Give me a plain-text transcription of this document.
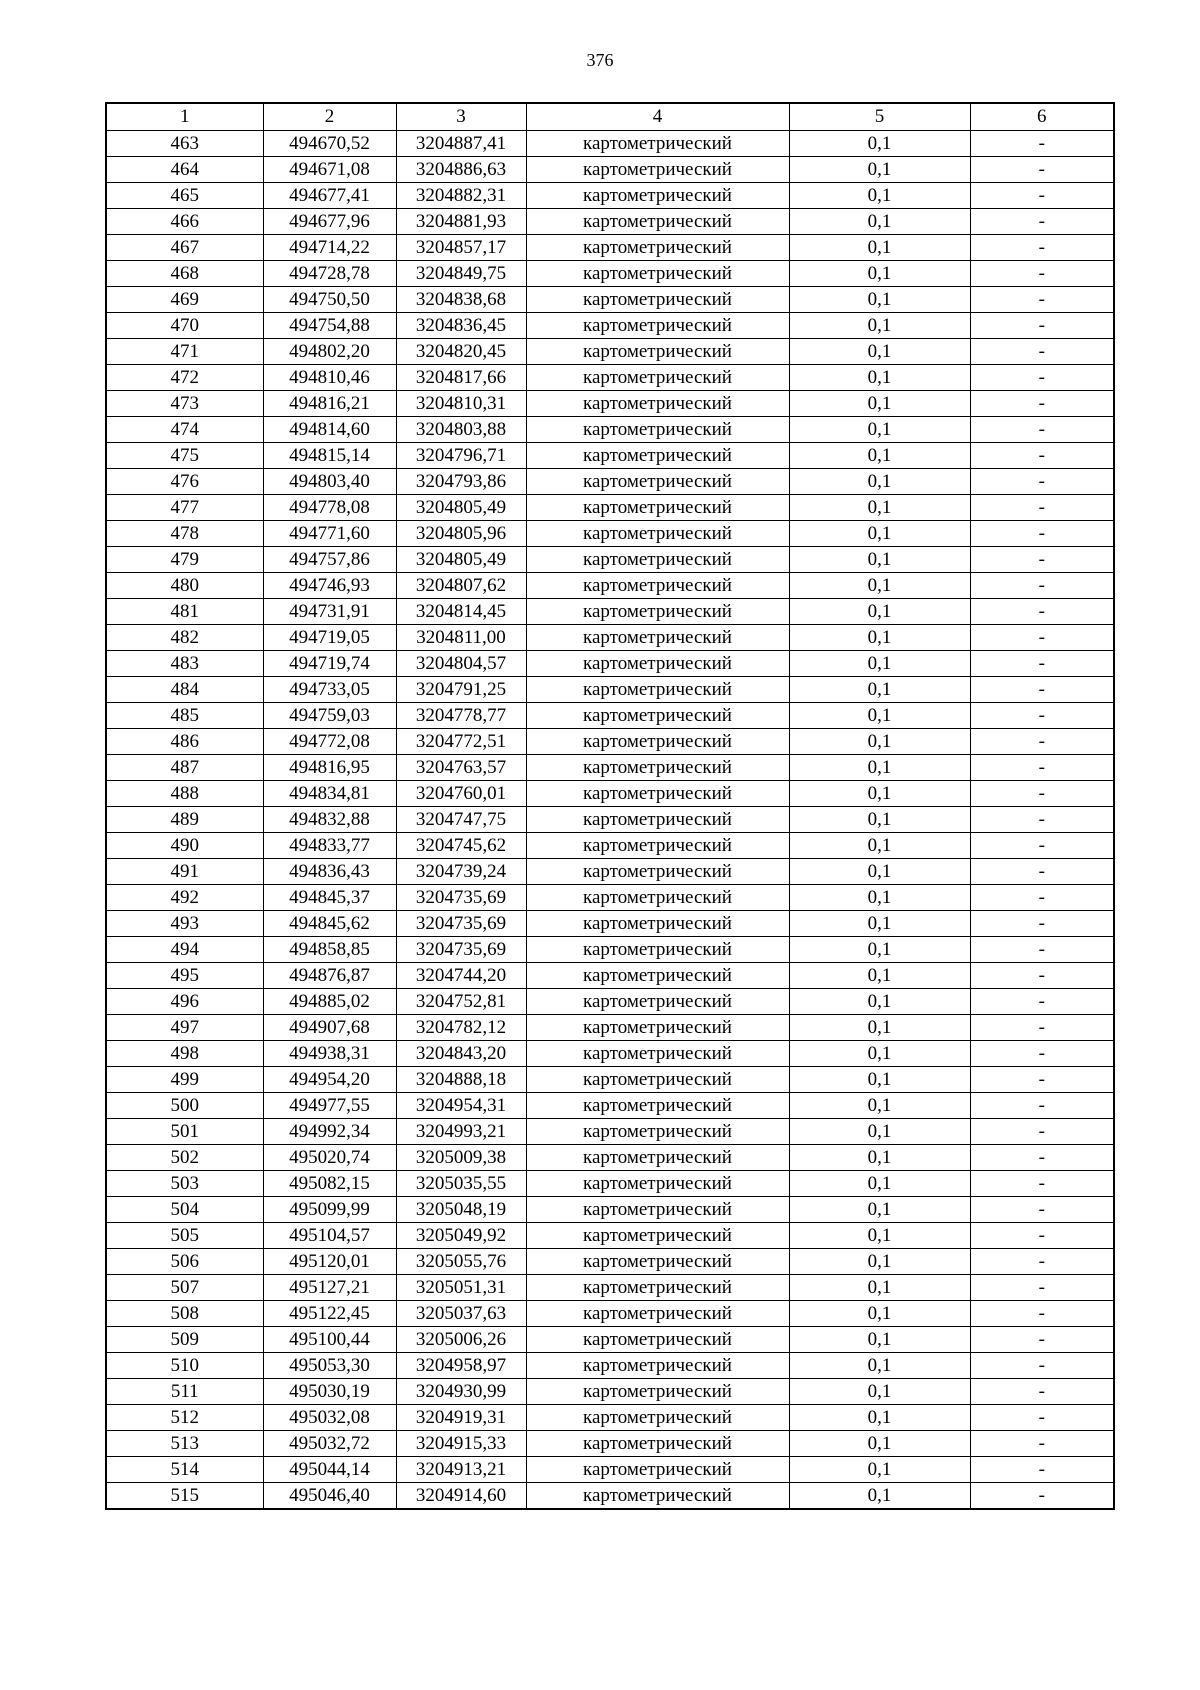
376
1	2	3	4	5	6
463	494670,52	3204887,41	картометрический	0,1	-
464	494671,08	3204886,63	картометрический	0,1	-
465	494677,41	3204882,31	картометрический	0,1	-
466	494677,96	3204881,93	картометрический	0,1	-
467	494714,22	3204857,17	картометрический	0,1	-
468	494728,78	3204849,75	картометрический	0,1	-
469	494750,50	3204838,68	картометрический	0,1	-
470	494754,88	3204836,45	картометрический	0,1	-
471	494802,20	3204820,45	картометрический	0,1	-
472	494810,46	3204817,66	картометрический	0,1	-
473	494816,21	3204810,31	картометрический	0,1	-
474	494814,60	3204803,88	картометрический	0,1	-
475	494815,14	3204796,71	картометрический	0,1	-
476	494803,40	3204793,86	картометрический	0,1	-
477	494778,08	3204805,49	картометрический	0,1	-
478	494771,60	3204805,96	картометрический	0,1	-
479	494757,86	3204805,49	картометрический	0,1	-
480	494746,93	3204807,62	картометрический	0,1	-
481	494731,91	3204814,45	картометрический	0,1	-
482	494719,05	3204811,00	картометрический	0,1	-
483	494719,74	3204804,57	картометрический	0,1	-
484	494733,05	3204791,25	картометрический	0,1	-
485	494759,03	3204778,77	картометрический	0,1	-
486	494772,08	3204772,51	картометрический	0,1	-
487	494816,95	3204763,57	картометрический	0,1	-
488	494834,81	3204760,01	картометрический	0,1	-
489	494832,88	3204747,75	картометрический	0,1	-
490	494833,77	3204745,62	картометрический	0,1	-
491	494836,43	3204739,24	картометрический	0,1	-
492	494845,37	3204735,69	картометрический	0,1	-
493	494845,62	3204735,69	картометрический	0,1	-
494	494858,85	3204735,69	картометрический	0,1	-
495	494876,87	3204744,20	картометрический	0,1	-
496	494885,02	3204752,81	картометрический	0,1	-
497	494907,68	3204782,12	картометрический	0,1	-
498	494938,31	3204843,20	картометрический	0,1	-
499	494954,20	3204888,18	картометрический	0,1	-
500	494977,55	3204954,31	картометрический	0,1	-
501	494992,34	3204993,21	картометрический	0,1	-
502	495020,74	3205009,38	картометрический	0,1	-
503	495082,15	3205035,55	картометрический	0,1	-
504	495099,99	3205048,19	картометрический	0,1	-
505	495104,57	3205049,92	картометрический	0,1	-
506	495120,01	3205055,76	картометрический	0,1	-
507	495127,21	3205051,31	картометрический	0,1	-
508	495122,45	3205037,63	картометрический	0,1	-
509	495100,44	3205006,26	картометрический	0,1	-
510	495053,30	3204958,97	картометрический	0,1	-
511	495030,19	3204930,99	картометрический	0,1	-
512	495032,08	3204919,31	картометрический	0,1	-
513	495032,72	3204915,33	картометрический	0,1	-
514	495044,14	3204913,21	картометрический	0,1	-
515	495046,40	3204914,60	картометрический	0,1	-
